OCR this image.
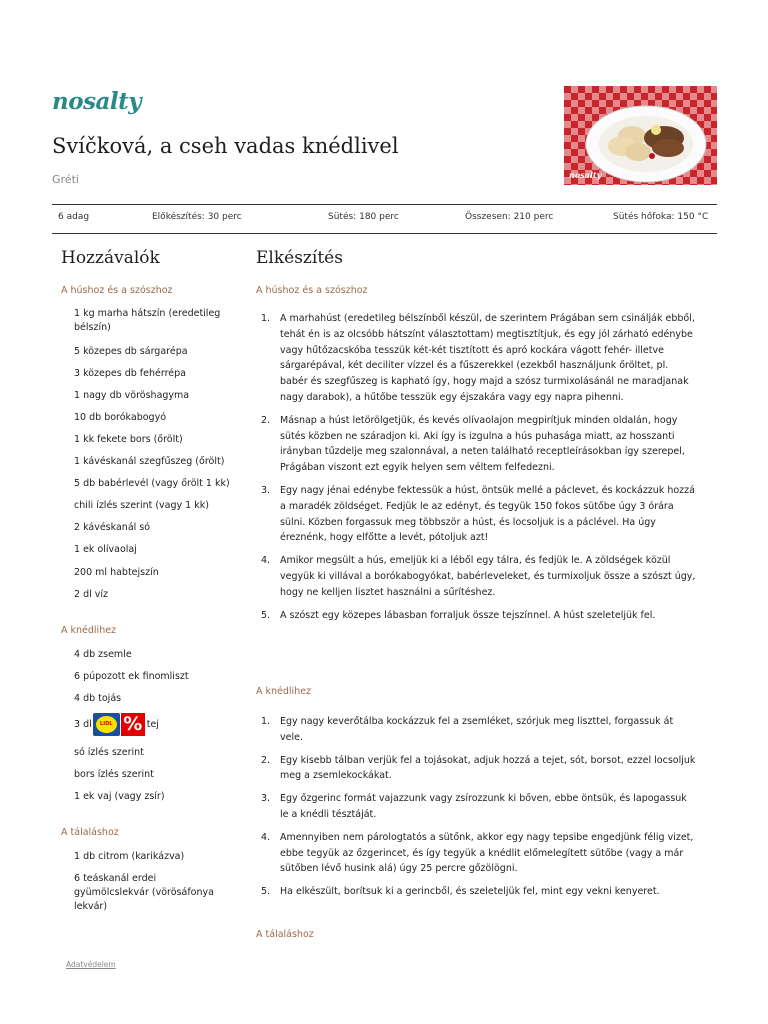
nosalty
Svíčková, a cseh vadas knédlivel
Gréti	nosalty
6 adag	Előkészítés: 30 perc	Sütés: 180 perc	Összesen: 210 perc	Sütés hőfoka: 150 °C
Hozzávalók
A húshoz és a szószhoz
1 kg marha hátszín (eredetileg bélszín)
5 közepes db sárgarépa
3 közepes db fehérrépa
1 nagy db vöröshagyma
10 db borókabogyó
1 kk fekete bors (őrölt)
1 kávéskanál szegfűszeg (őrölt)
5 db babérlevél (vagy őrölt 1 kk)
chili ízlés szerint (vagy 1 kk)
2 kávéskanál só
1 ek olívaolaj
200 ml habtejszín
2 dl víz
A knédlihez
4 db zsemle
6 púpozott ek finomliszt
4 db tojás
3 dl	LIDL % tej
só ízlés szerint
bors ízlés szerint
1 ek vaj (vagy zsír)
A tálaláshoz
1 db citrom (karikázva)
6 teáskanál erdei gyümölcslekvár (vörösáfonya lekvár)
Elkészítés
A húshoz és a szószhoz
1. A marhahúst (eredetileg bélszínből készül, de szerintem Prágában sem csinálják ebből, tehát én is az olcsóbb hátszínt választottam) megtisztítjuk, és egy jól zárható edénybe vagy hűtőzacskóba tesszük két-két tisztított és apró kockára vágott fehér- illetve sárgarépával, két deciliter vízzel és a fűszerekkel (ezekből használjunk őröltet, pl. babér és szegfűszeg is kapható így, hogy majd a szósz turmixolásánál ne maradjanak nagy darabok), a hűtőbe tesszük egy éjszakára vagy egy napra pihenni.
2. Másnap a húst letörölgetjük, és kevés olívaolajon megpirítjuk minden oldalán, hogy sütés közben ne száradjon ki. Aki így is izgulna a hús puhasága miatt, az hosszanti irányban tűzdelje meg szalonnával, a neten található receptleírásokban így szerepel, Prágában viszont ezt egyik helyen sem véltem felfedezni.
3. Egy nagy jénai edénybe fektessük a húst, öntsük mellé a páclevet, és kockázzuk hozzá a maradék zöldséget. Fedjük le az edényt, és tegyük 150 fokos sütőbe úgy 3 órára sülni. Közben forgassuk meg többször a húst, és locsoljuk is a páclével. Ha úgy éreznénk, hogy elfőtte a levét, pótoljuk azt!
4. Amikor megsült a hús, emeljük ki a léből egy tálra, és fedjük le. A zöldségek közül vegyük ki villával a borókabogyókat, babérleveleket, és turmixoljuk össze a szószt úgy, hogy ne kelljen lisztet használni a sűrítéshez.
5. A szószt egy közepes lábasban forraljuk össze tejszínnel. A húst szeleteljük fel.
A knédlihez
1. Egy nagy keverőtálba kockázzuk fel a zsemléket, szórjuk meg liszttel, forgassuk át vele.
2. Egy kisebb tálban verjük fel a tojásokat, adjuk hozzá a tejet, sót, borsot, ezzel locsoljuk meg a zsemlekockákat.
3. Egy őzgerinc formát vajazzunk vagy zsírozzunk ki bőven, ebbe öntsük, és lapogassuk le a knédli tésztáját.
4. Amennyiben nem párologtatós a sütőnk, akkor egy nagy tepsibe engedjünk félig vizet, ebbe tegyük az őzgerincet, és így tegyük a knédlit előmelegített sütőbe (vagy a már sütőben lévő husink alá) úgy 25 percre gőzölögni.
5. Ha elkészült, borítsuk ki a gerincből, és szeleteljük fel, mint egy vekni kenyeret.
A tálaláshoz
Adatvédelem
